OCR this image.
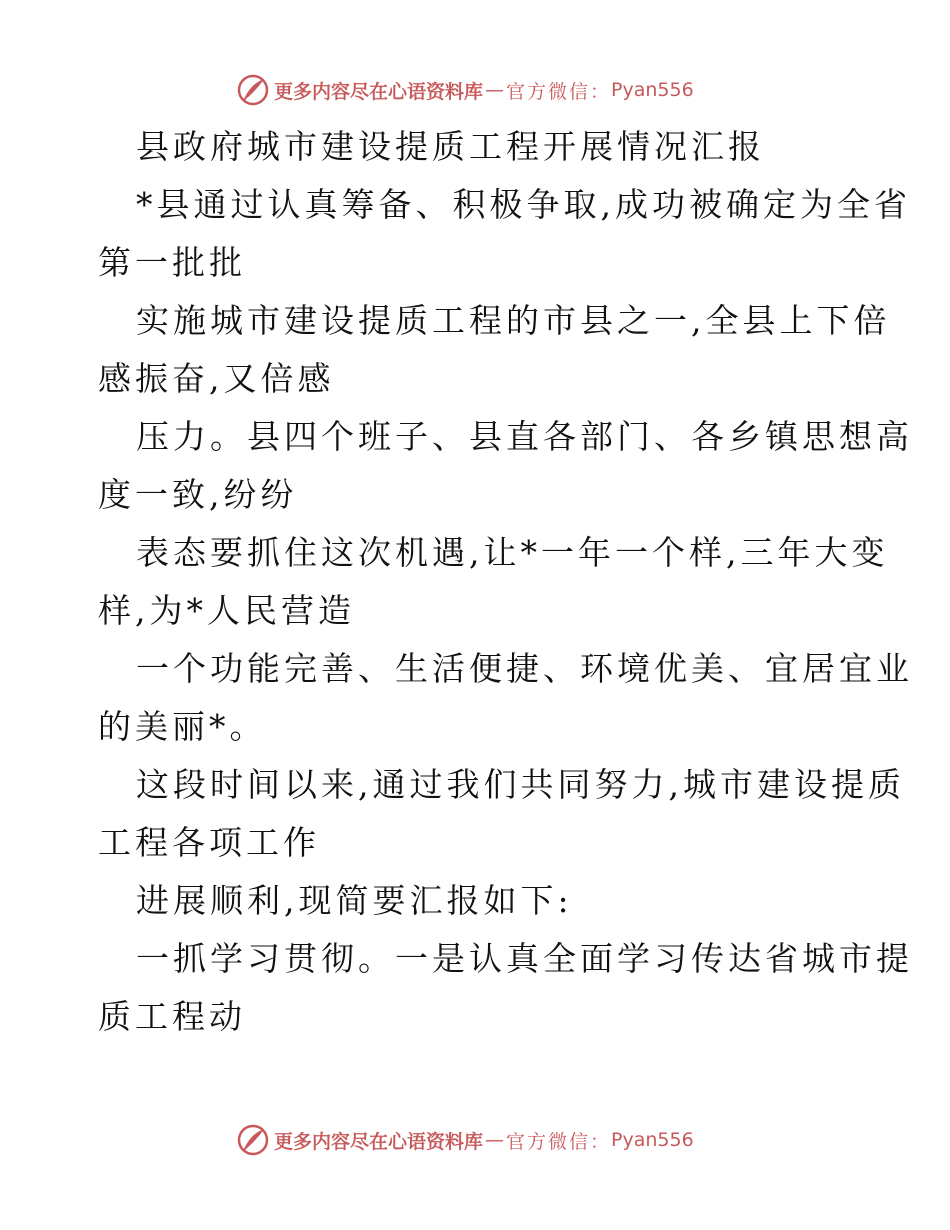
更多内容尽在心语资料库 — 官方微信： Pyan556
县政府城市建设提质工程开展情况汇报
*县通过认真筹备、积极争取,成功被确定为全省
第一批批
实施城市建设提质工程的市县之一,全县上下倍
感振奋,又倍感
压力。县四个班子、县直各部门、各乡镇思想高
度一致,纷纷
表态要抓住这次机遇,让*一年一个样,三年大变
样,为*人民营造
一个功能完善、生活便捷、环境优美、宜居宜业
的美丽*。
这段时间以来,通过我们共同努力,城市建设提质
工程各项工作
进展顺利,现简要汇报如下:
一抓学习贯彻。一是认真全面学习传达省城市提
质工程动
更多内容尽在心语资料库 — 官方微信： Pyan556
